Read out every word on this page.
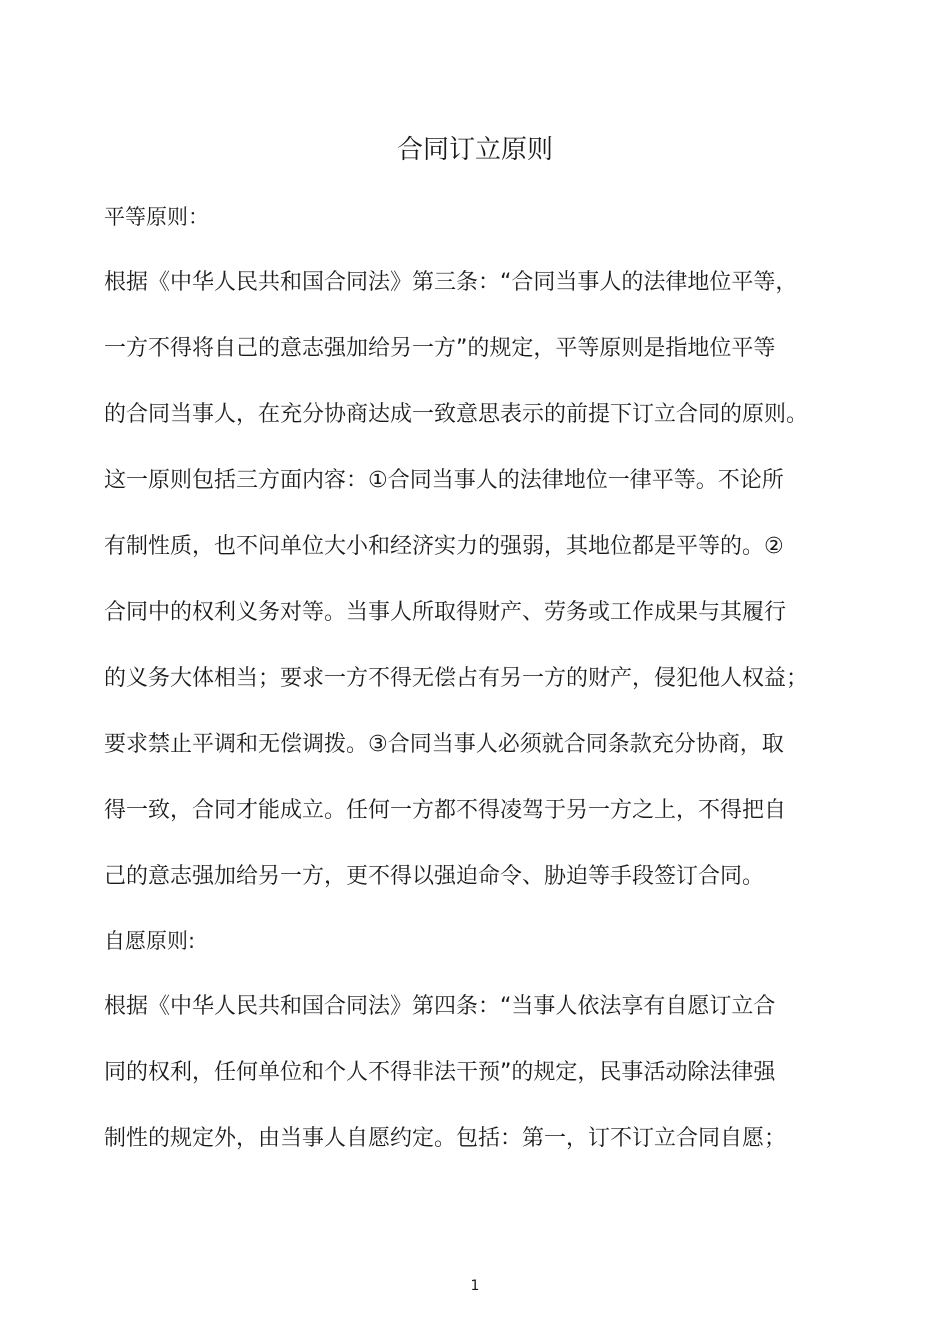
合同订立原则
平等原则：
根据《中华人民共和国合同法》第三条：“合同当事人的法律地位平等，
一方不得将自己的意志强加给另一方”的规定，平等原则是指地位平等
的合同当事人，在充分协商达成一致意思表示的前提下订立合同的原则。
这一原则包括三方面内容：①合同当事人的法律地位一律平等。不论所
有制性质，也不问单位大小和经济实力的强弱，其地位都是平等的。②
合同中的权利义务对等。当事人所取得财产、劳务或工作成果与其履行
的义务大体相当；要求一方不得无偿占有另一方的财产，侵犯他人权益；
要求禁止平调和无偿调拨。③合同当事人必须就合同条款充分协商，取
得一致，合同才能成立。任何一方都不得凌驾于另一方之上，不得把自
己的意志强加给另一方，更不得以强迫命令、胁迫等手段签订合同。
自愿原则:
根据《中华人民共和国合同法》第四条：“当事人依法享有自愿订立合
同的权利，任何单位和个人不得非法干预”的规定，民事活动除法律强
制性的规定外，由当事人自愿约定。包括：第一，订不订立合同自愿；
1
